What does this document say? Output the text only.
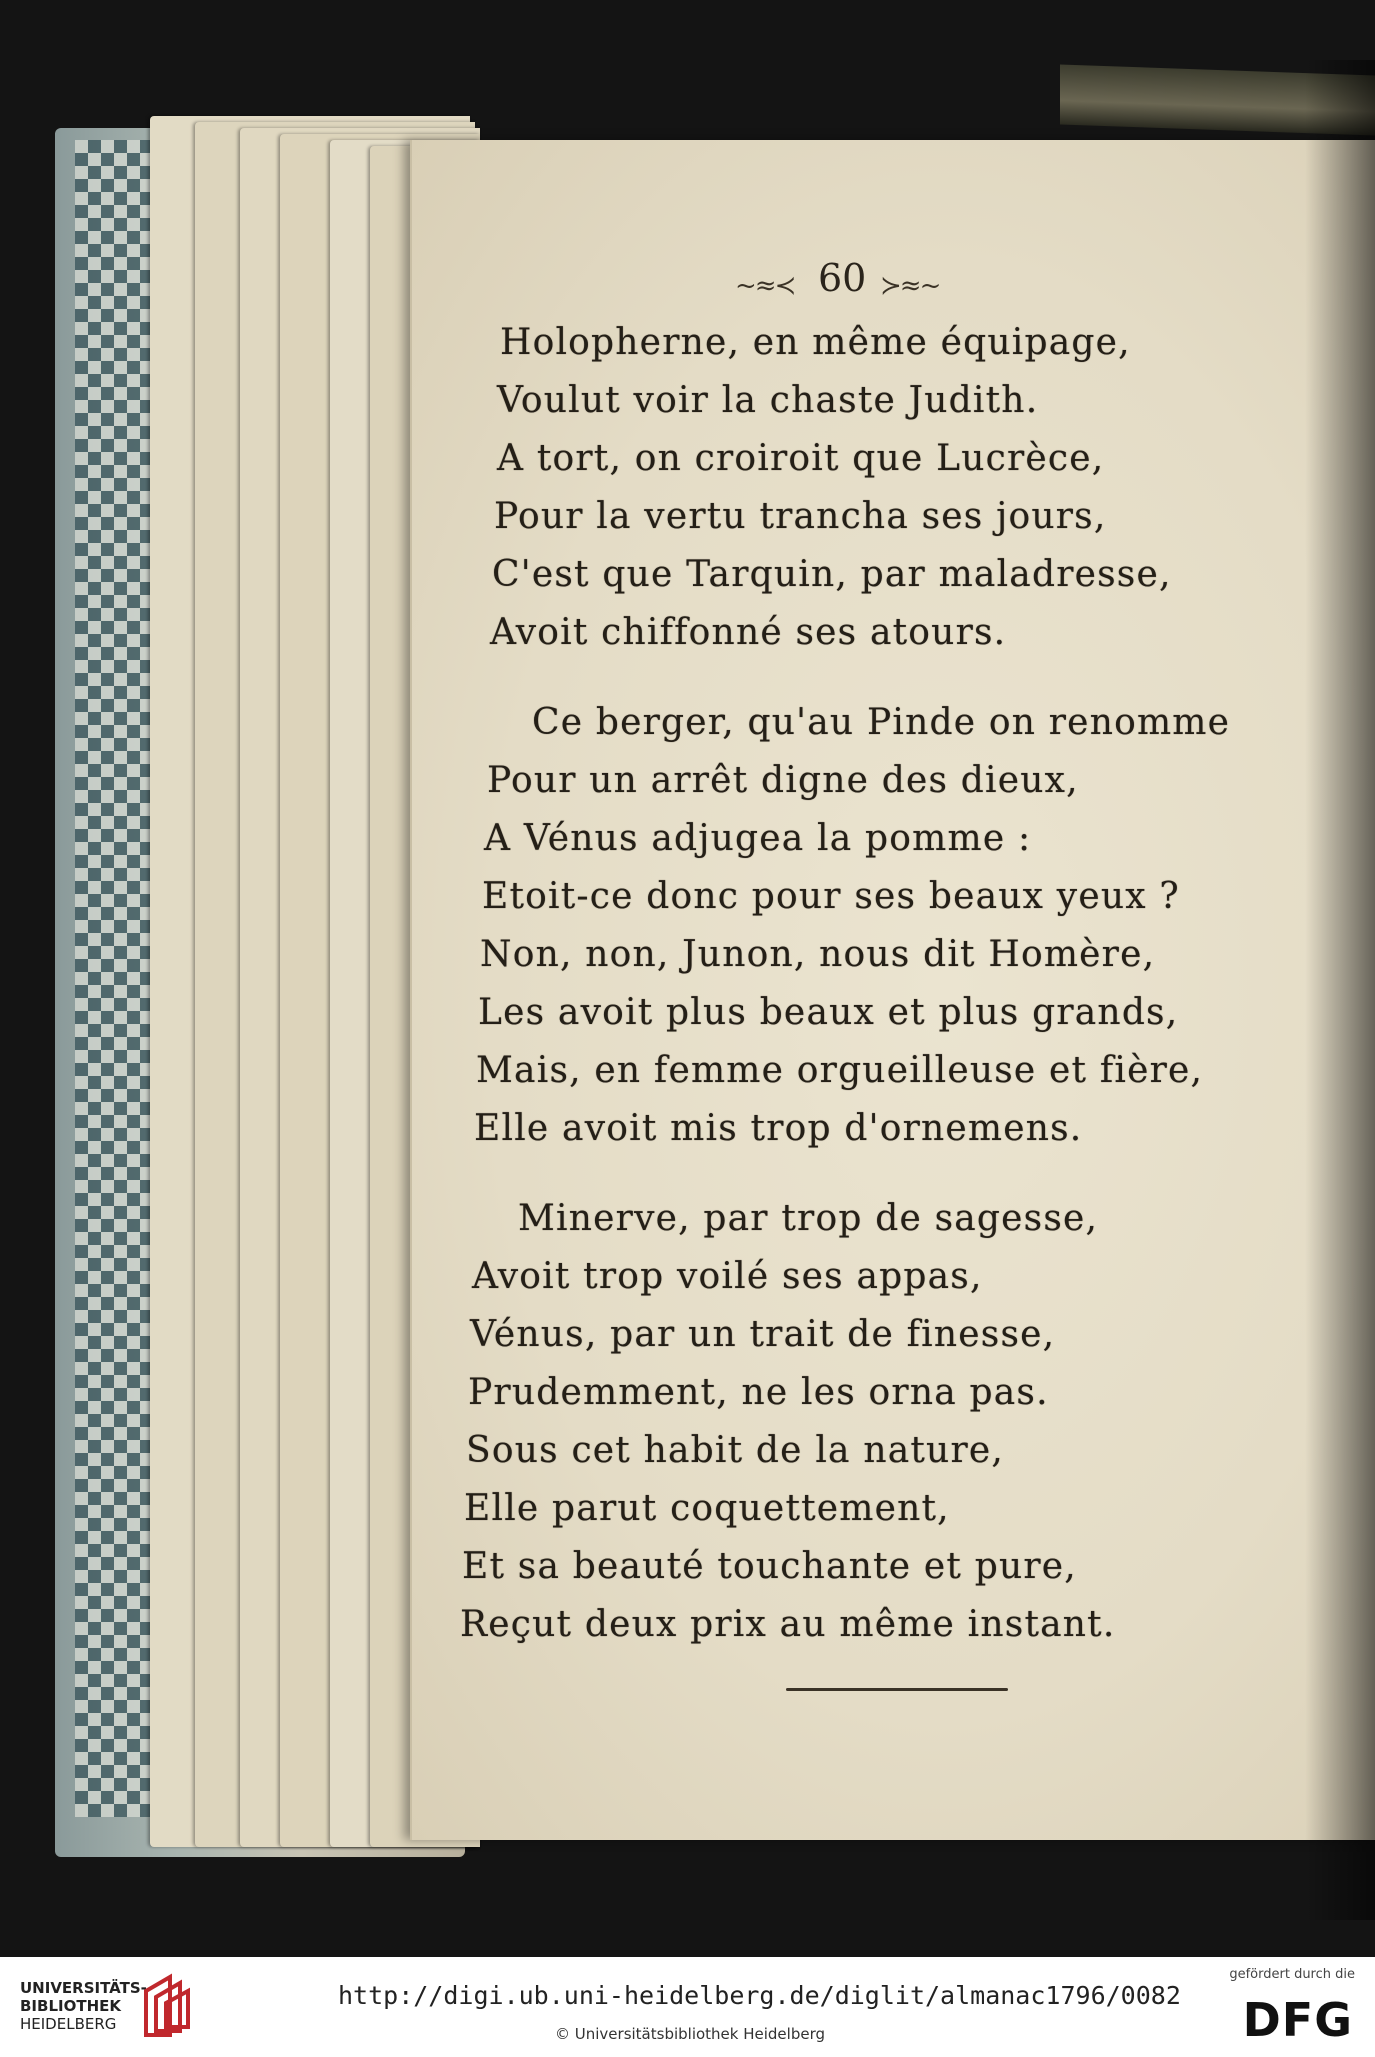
~≈≺ 60 ≻≈~
Holopherne, en même équipage,
Voulut voir la chaste Judith.
A tort, on croiroit que Lucrèce,
Pour la vertu trancha ses jours,
C'est que Tarquin, par maladresse,
Avoit chiffonné ses atours.
Ce berger, qu'au Pinde on renomme
Pour un arrêt digne des dieux,
A Vénus adjugea la pomme :
Etoit-ce donc pour ses beaux yeux ?
Non, non, Junon, nous dit Homère,
Les avoit plus beaux et plus grands,
Mais, en femme orgueilleuse et fière,
Elle avoit mis trop d'ornemens.
Minerve, par trop de sagesse,
Avoit trop voilé ses appas,
Vénus, par un trait de finesse,
Prudemment, ne les orna pas.
Sous cet habit de la nature,
Elle parut coquettement,
Et sa beauté touchante et pure,
Reçut deux prix au même instant.
UNIVERSITÄTS-
BIBLIOTHEK
HEIDELBERG
http://digi.ub.uni-heidelberg.de/diglit/almanac1796/0082
© Universitätsbibliothek Heidelberg
gefördert durch die
DFG
